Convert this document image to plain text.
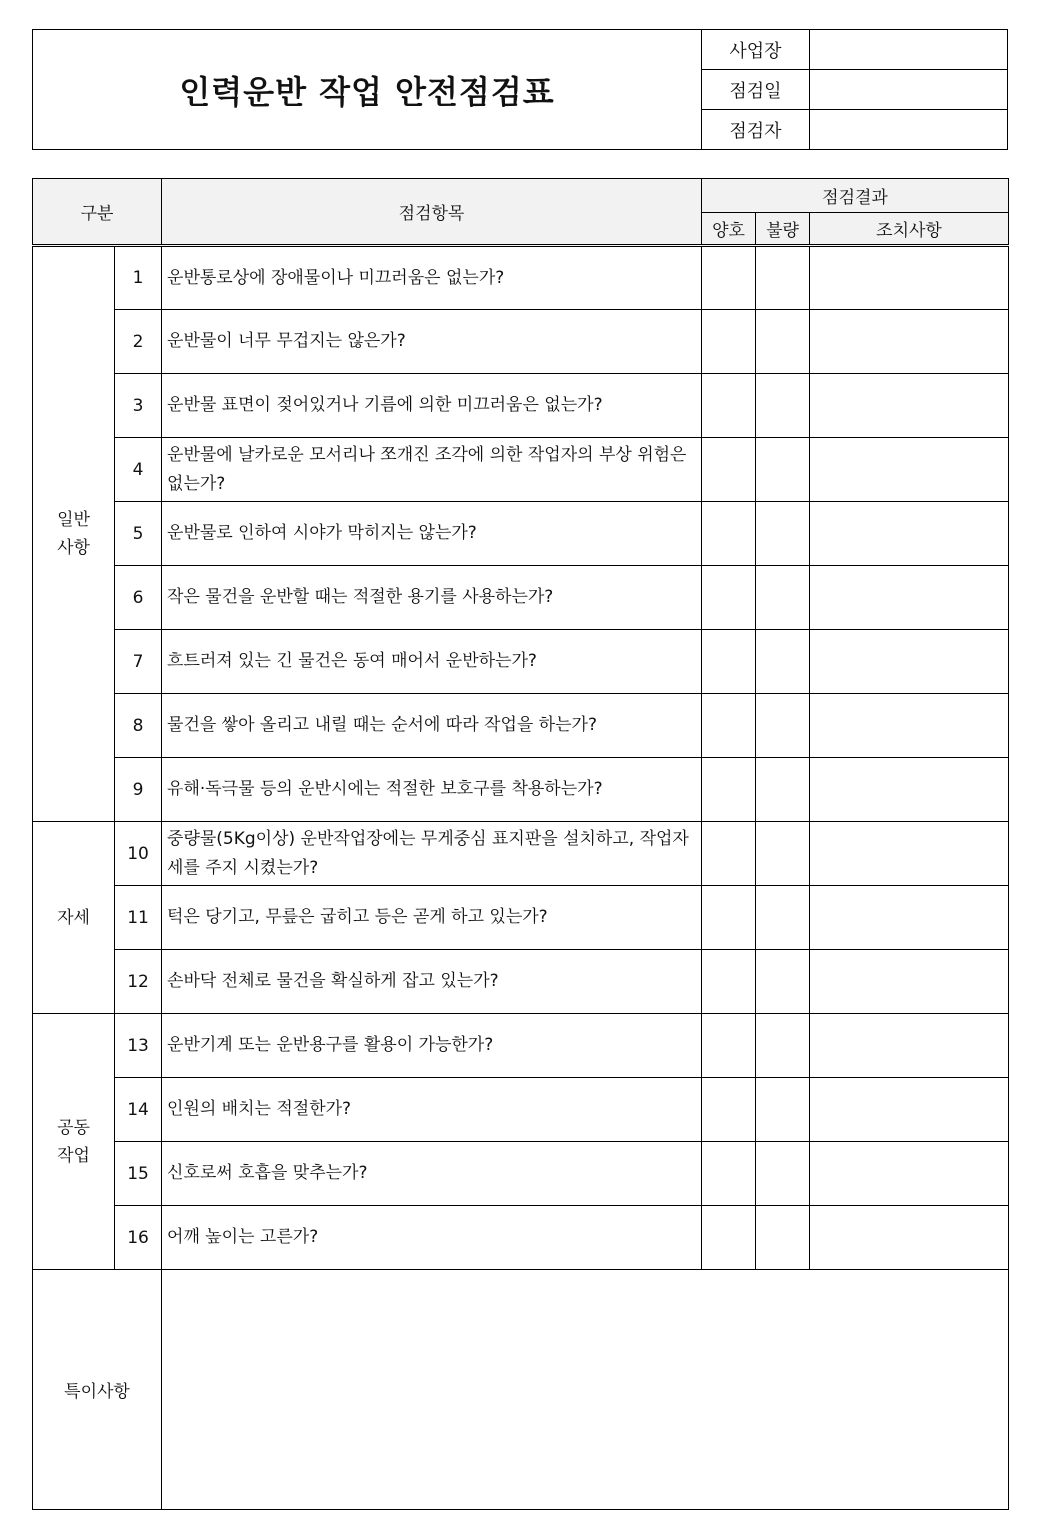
인력운반 작업 안전점검표
사업장
점검일
점검자
구분		점검항목	점검결과		
			양호	불량	조치사항
일반
사항	1	운반통로상에 장애물이나 미끄러움은 없는가?			
	2	운반물이 너무 무겁지는 않은가?			
	3	운반물 표면이 젖어있거나 기름에 의한 미끄러움은 없는가?			
	4	운반물에 날카로운 모서리나 쪼개진 조각에 의한 작업자의 부상 위험은 없는가?			
	5	운반물로 인하여 시야가 막히지는 않는가?			
	6	작은 물건을 운반할 때는 적절한 용기를 사용하는가?			
	7	흐트러져 있는 긴 물건은 동여 매어서 운반하는가?			
	8	물건을 쌓아 올리고 내릴 때는 순서에 따라 작업을 하는가?			
	9	유해·독극물 등의 운반시에는 적절한 보호구를 착용하는가?			
자세	10	중량물(5Kg이상) 운반작업장에는 무게중심 표지판을 설치하고, 작업자세를 주지 시켰는가?			
	11	턱은 당기고, 무릎은 굽히고 등은 곧게 하고 있는가?			
	12	손바닥 전체로 물건을 확실하게 잡고 있는가?			
공동
작업	13	운반기계 또는 운반용구를 활용이 가능한가?			
	14	인원의 배치는 적절한가?			
	15	신호로써 호흡을 맞추는가?			
	16	어깨 높이는 고른가?			
특이사항					
